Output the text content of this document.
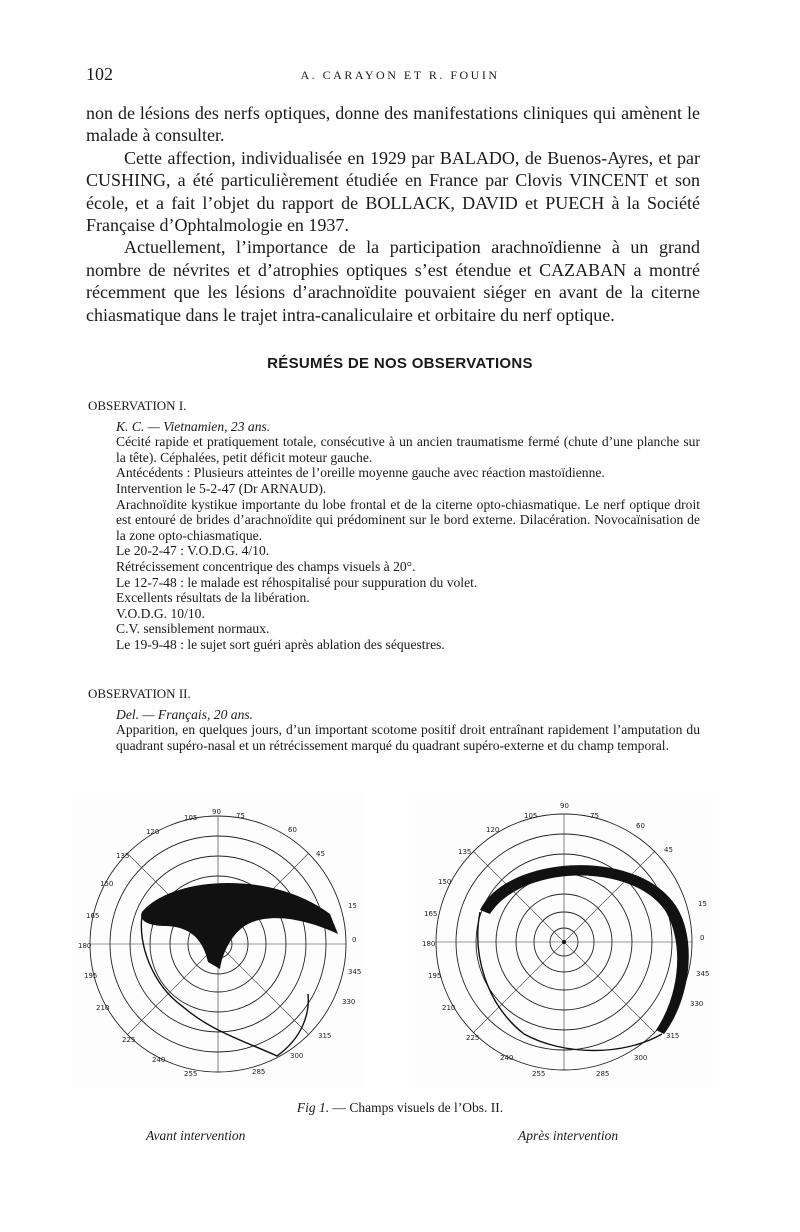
102	A. CARAYON ET R. FOUIN

non de lésions des nerfs optiques, donne des manifestations cliniques qui amènent le malade à consulter.

Cette affection, individualisée en 1929 par BALADO, de Buenos-Ayres, et par CUSHING, a été particulièrement étudiée en France par Clovis VINCENT et son école, et a fait l’objet du rapport de BOLLACK, DAVID et PUECH à la Société Française d’Ophtalmologie en 1937.

Actuellement, l’importance de la participation arachnoïdienne à un grand nombre de névrites et d’atrophies optiques s’est étendue et CAZABAN a montré récemment que les lésions d’arachnoïdite pouvaient siéger en avant de la citerne chiasmatique dans le trajet intra-canaliculaire et orbitaire du nerf optique.

RÉSUMÉS DE NOS OBSERVATIONS

OBSERVATION I.

K. C. — Vietnamien, 23 ans.

Cécité rapide et pratiquement totale, consécutive à un ancien traumatisme fermé (chute d’une planche sur la tête). Céphalées, petit déficit moteur gauche.

Antécédents : Plusieurs atteintes de l’oreille moyenne gauche avec réaction mastoïdienne.

Intervention le 5-2-47 (Dr ARNAUD).

Arachnoïdite kystikue importante du lobe frontal et de la citerne opto-chiasmatique. Le nerf optique droit est entouré de brides d’arachnoïdite qui prédominent sur le bord externe. Dilacération. Novocaïnisation de la zone opto-chiasmatique.

Le 20-2-47 : V.O.D.G. 4/10.

Rétrécissement concentrique des champs visuels à 20°.

Le 12-7-48 : le malade est réhospitalisé pour suppuration du volet.

Excellents résultats de la libération.

V.O.D.G. 10/10.

C.V. sensiblement normaux.

Le 19-9-48 : le sujet sort guéri après ablation des séquestres.

OBSERVATION II.

Del. — Français, 20 ans.

Apparition, en quelques jours, d’un important scotome positif droit entraînant rapidement l’amputation du quadrant supéro-nasal et un rétrécissement marqué du quadrant supéro-externe et du champ temporal.

105
90 75
120	60
135	45
150
165
15
180
0
345
195
330
210
225	315
240
255	285
300
90
105	75
120	60
135	45
150
165
15
180
0
195	345
210	330
225	315
240
255	285
300
Fig 1. — Champs visuels de l’Obs. II.
Avant intervention	Après intervention
